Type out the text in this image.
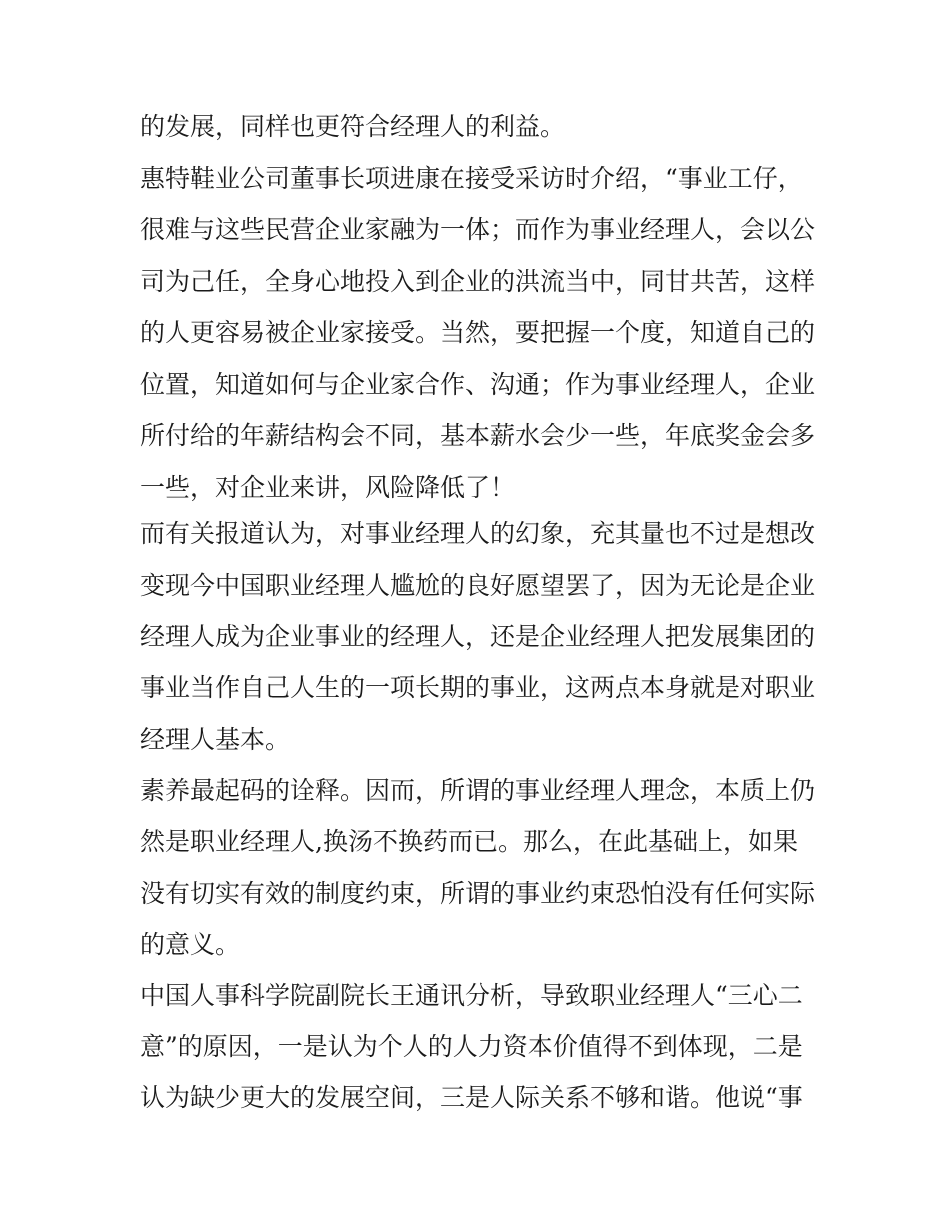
的发展，同样也更符合经理人的利益。
惠特鞋业公司董事长项进康在接受采访时介绍，“事业工仔，
很难与这些民营企业家融为一体；而作为事业经理人，会以公
司为己任，全身心地投入到企业的洪流当中，同甘共苦，这样
的人更容易被企业家接受。当然，要把握一个度，知道自己的
位置，知道如何与企业家合作、沟通；作为事业经理人，企业
所付给的年薪结构会不同，基本薪水会少一些，年底奖金会多
一些，对企业来讲，风险降低了！
而有关报道认为，对事业经理人的幻象，充其量也不过是想改
变现今中国职业经理人尴尬的良好愿望罢了，因为无论是企业
经理人成为企业事业的经理人，还是企业经理人把发展集团的
事业当作自己人生的一项长期的事业，这两点本身就是对职业
经理人基本。
素养最起码的诠释。因而，所谓的事业经理人理念，本质上仍
然是职业经理人,换汤不换药而已。那么，在此基础上，如果
没有切实有效的制度约束，所谓的事业约束恐怕没有任何实际
的意义。
中国人事科学院副院长王通讯分析，导致职业经理人“三心二
意”的原因，一是认为个人的人力资本价值得不到体现，二是
认为缺少更大的发展空间，三是人际关系不够和谐。他说“事
